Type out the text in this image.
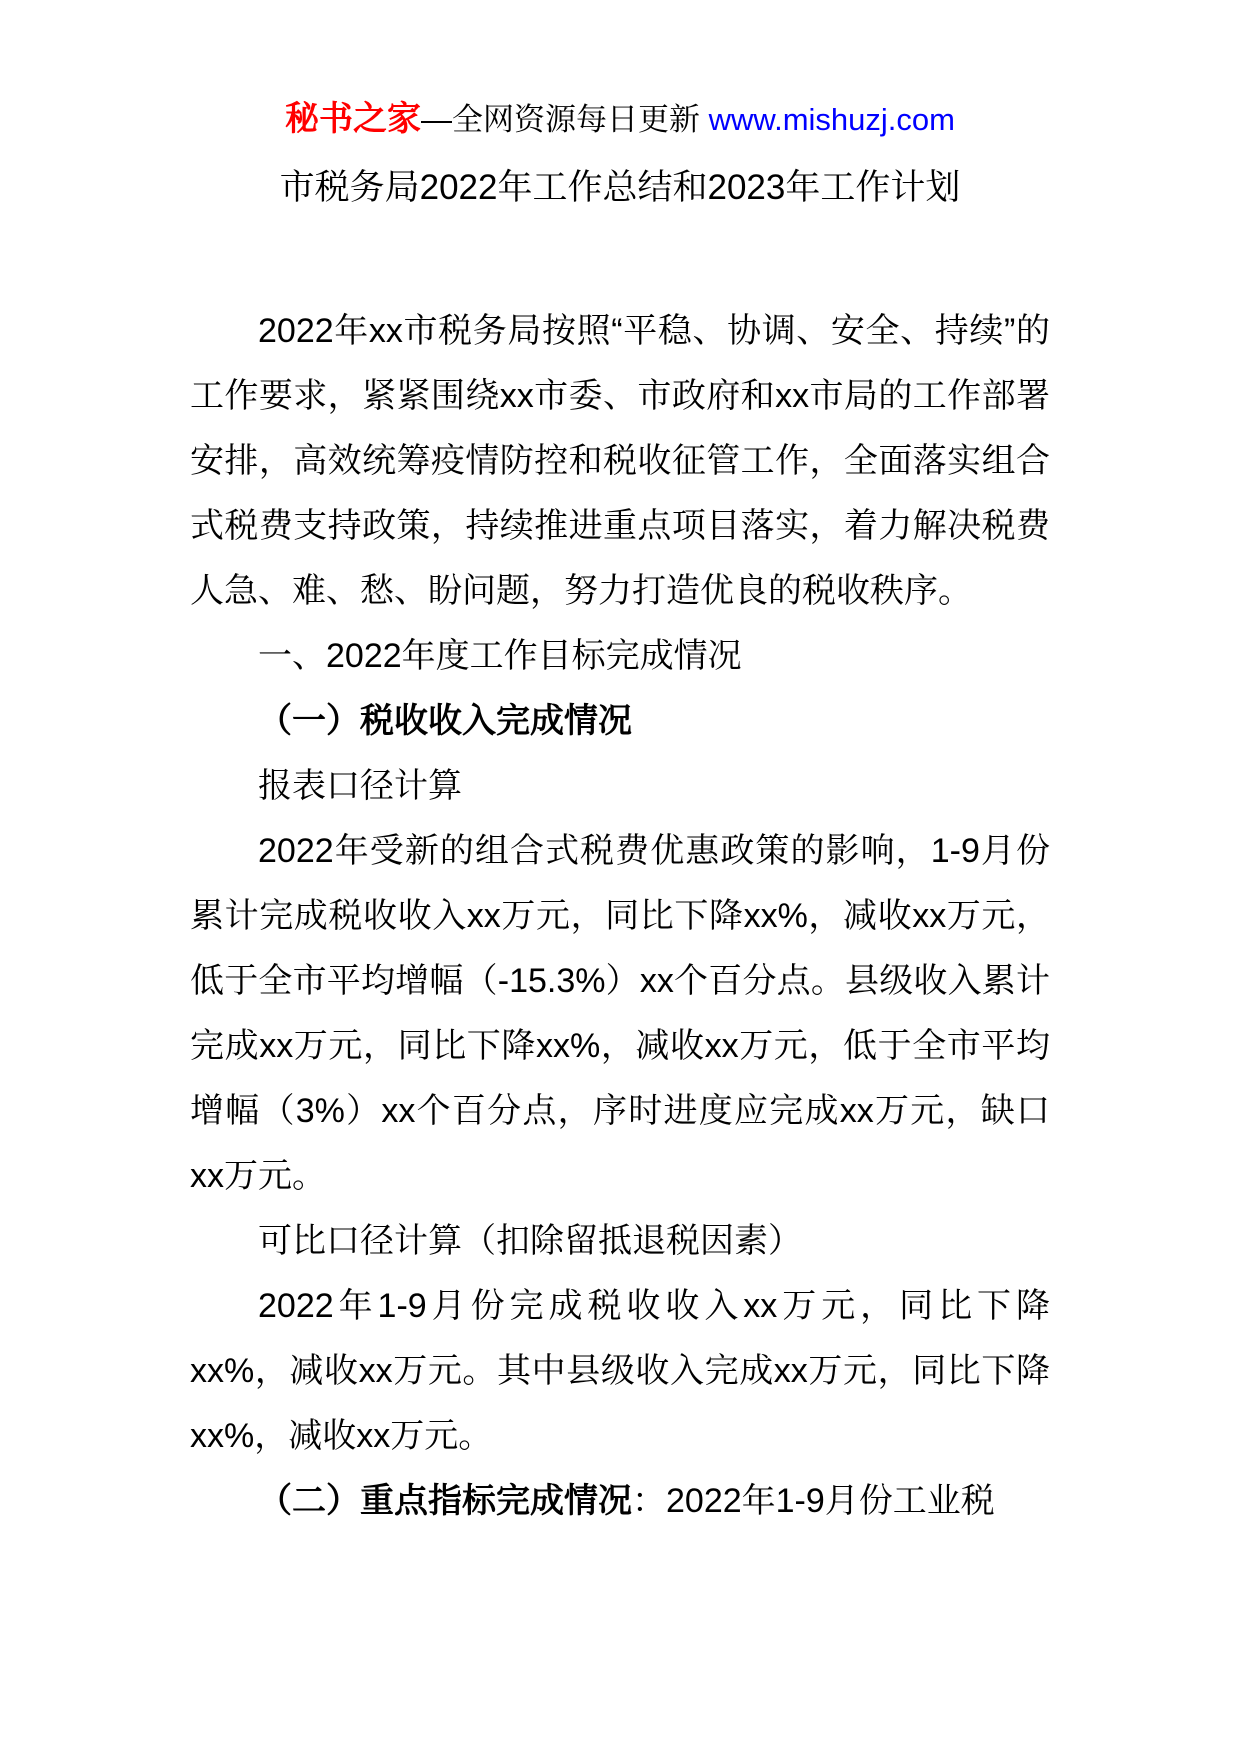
秘书之家—全网资源每日更新 www.mishuzj.com
市税务局2022年工作总结和2023年工作计划

2022年xx市税务局按照“平稳、协调、安全、持续”的工作要求，紧紧围绕xx市委、市政府和xx市局的工作部署安排，高效统筹疫情防控和税收征管工作，全面落实组合式税费支持政策，持续推进重点项目落实，着力解决税费人急、难、愁、盼问题，努力打造优良的税收秩序。

一、2022年度工作目标完成情况

（一）税收收入完成情况

报表口径计算

2022年受新的组合式税费优惠政策的影响，1-9月份累计完成税收收入xx万元，同比下降xx%，减收xx万元，低于全市平均增幅（-15.3%）xx个百分点。县级收入累计完成xx万元，同比下降xx%，减收xx万元，低于全市平均增幅（3%）xx个百分点，序时进度应完成xx万元，缺口xx万元。

可比口径计算（扣除留抵退税因素）

2022年1-9月份完成税收收入xx万元，同比下降xx%，减收xx万元。其中县级收入完成xx万元，同比下降xx%，减收xx万元。

（二）重点指标完成情况：2022年1-9月份工业税
